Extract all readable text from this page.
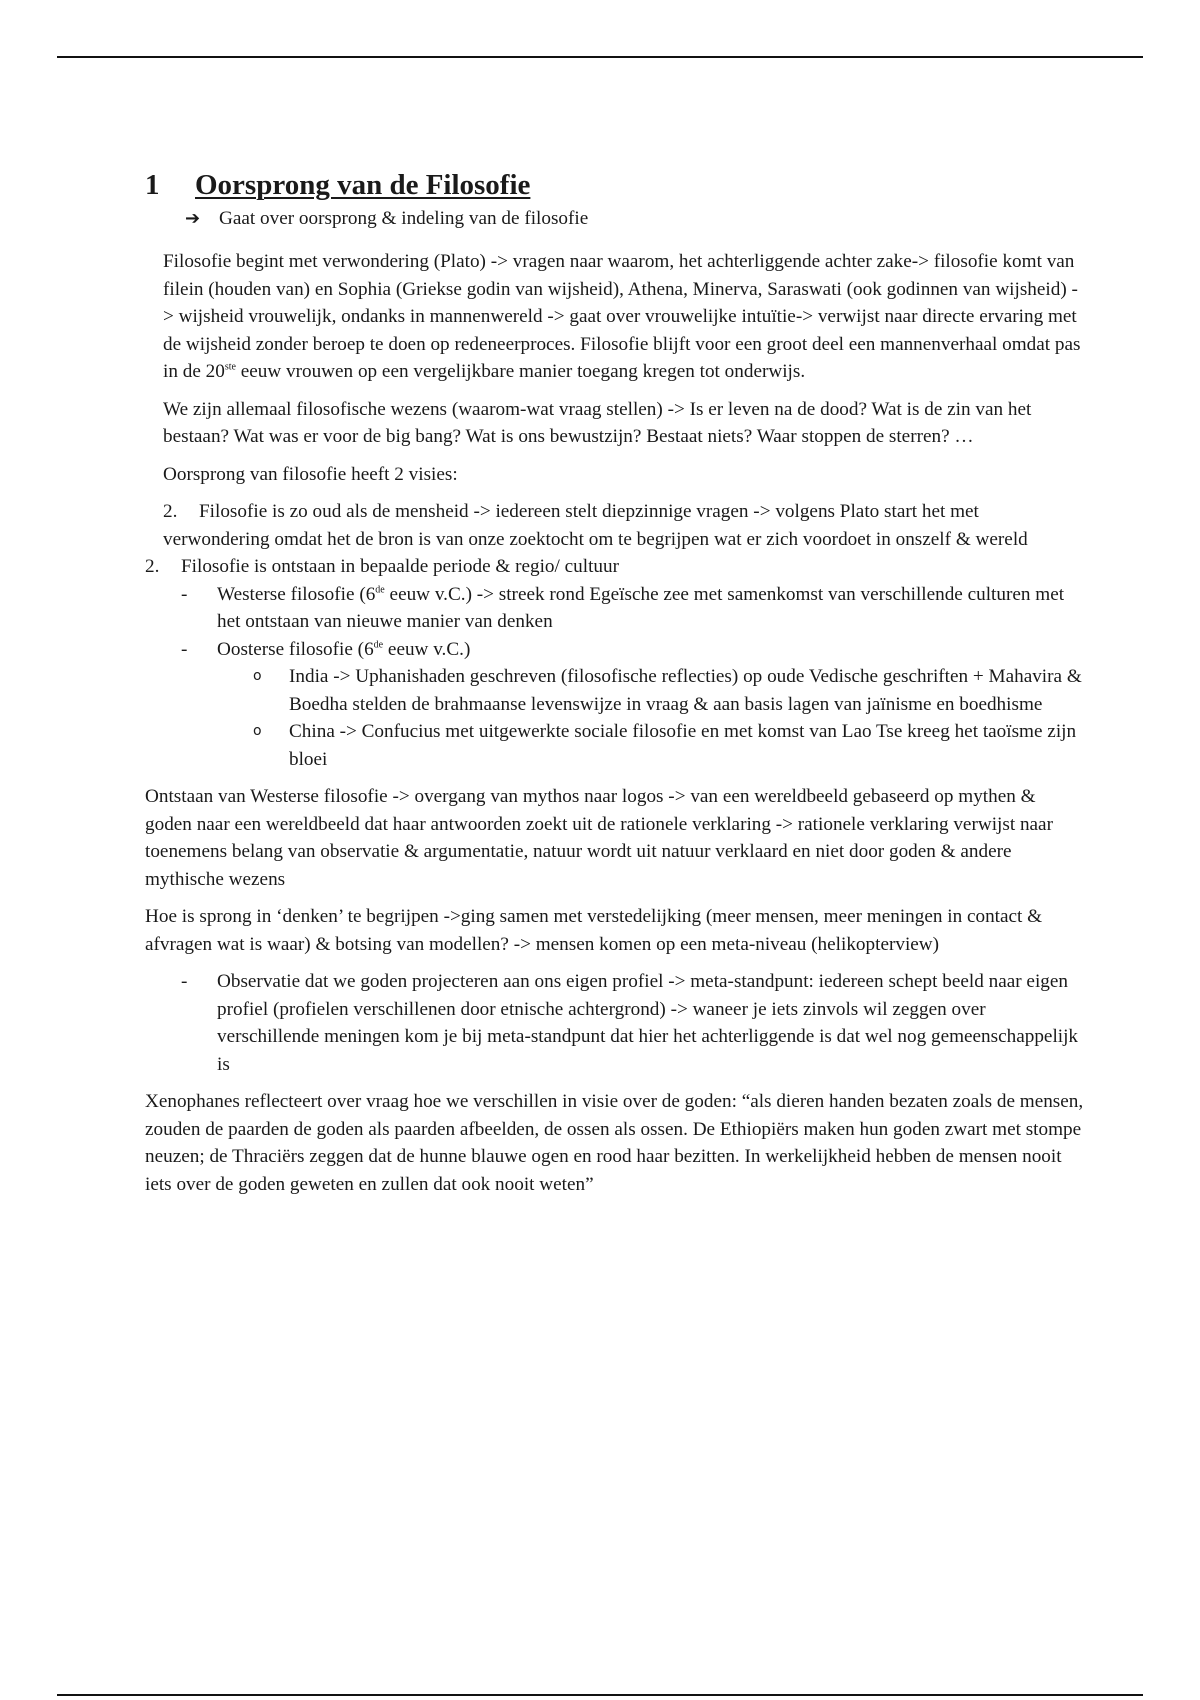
1 Oorsprong van de Filosofie
➔ Gaat over oorsprong & indeling van de filosofie

Filosofie begint met verwondering (Plato) -> vragen naar waarom, het achterliggende achter zake-> filosofie komt van filein (houden van) en Sophia (Griekse godin van wijsheid), Athena, Minerva, Saraswati (ook godinnen van wijsheid) -> wijsheid vrouwelijk, ondanks in mannenwereld -> gaat over vrouwelijke intuïtie-> verwijst naar directe ervaring met de wijsheid zonder beroep te doen op redeneerproces. Filosofie blijft voor een groot deel een mannenverhaal omdat pas in de 20ste eeuw vrouwen op een vergelijkbare manier toegang kregen tot onderwijs.

We zijn allemaal filosofische wezens (waarom-wat vraag stellen) -> Is er leven na de dood? Wat is de zin van het bestaan? Wat was er voor de big bang? Wat is ons bewustzijn? Bestaat niets? Waar stoppen de sterren? …

Oorsprong van filosofie heeft 2 visies:

2.	Filosofie is zo oud als de mensheid -> iedereen stelt diepzinnige vragen -> volgens Plato start het met verwondering omdat het de bron is van onze zoektocht om te begrijpen wat er zich voordoet in onszelf & wereld
2. Filosofie is ontstaan in bepaalde periode & regio/ cultuur
- Westerse filosofie (6de eeuw v.C.) -> streek rond Egeïsche zee met samenkomst van verschillende culturen met het ontstaan van nieuwe manier van denken
- Oosterse filosofie (6de eeuw v.C.)
o India -> Uphanishaden geschreven (filosofische reflecties) op oude Vedische geschriften + Mahavira & Boedha stelden de brahmaanse levenswijze in vraag & aan basis lagen van jaïnisme en boedhisme
o China -> Confucius met uitgewerkte sociale filosofie en met komst van Lao Tse kreeg het taoïsme zijn bloei

Ontstaan van Westerse filosofie -> overgang van mythos naar logos -> van een wereldbeeld gebaseerd op mythen & goden naar een wereldbeeld dat haar antwoorden zoekt uit de rationele verklaring -> rationele verklaring verwijst naar toenemens belang van observatie & argumentatie, natuur wordt uit natuur verklaard en niet door goden & andere mythische wezens

Hoe is sprong in ‘denken’ te begrijpen ->ging samen met verstedelijking (meer mensen, meer meningen in contact & afvragen wat is waar) & botsing van modellen? -> mensen komen op een meta-niveau (helikopterview)

- Observatie dat we goden projecteren aan ons eigen profiel -> meta-standpunt: iedereen schept beeld naar eigen profiel (profielen verschillenen door etnische achtergrond) -> waneer je iets zinvols wil zeggen over verschillende meningen kom je bij meta-standpunt dat hier het achterliggende is dat wel nog gemeenschappelijk is

Xenophanes reflecteert over vraag hoe we verschillen in visie over de goden: “als dieren handen bezaten zoals de mensen, zouden de paarden de goden als paarden afbeelden, de ossen als ossen. De Ethiopiërs maken hun goden zwart met stompe neuzen; de Thraciërs zeggen dat de hunne blauwe ogen en rood haar bezitten. In werkelijkheid hebben de mensen nooit iets over de goden geweten en zullen dat ook nooit weten”
